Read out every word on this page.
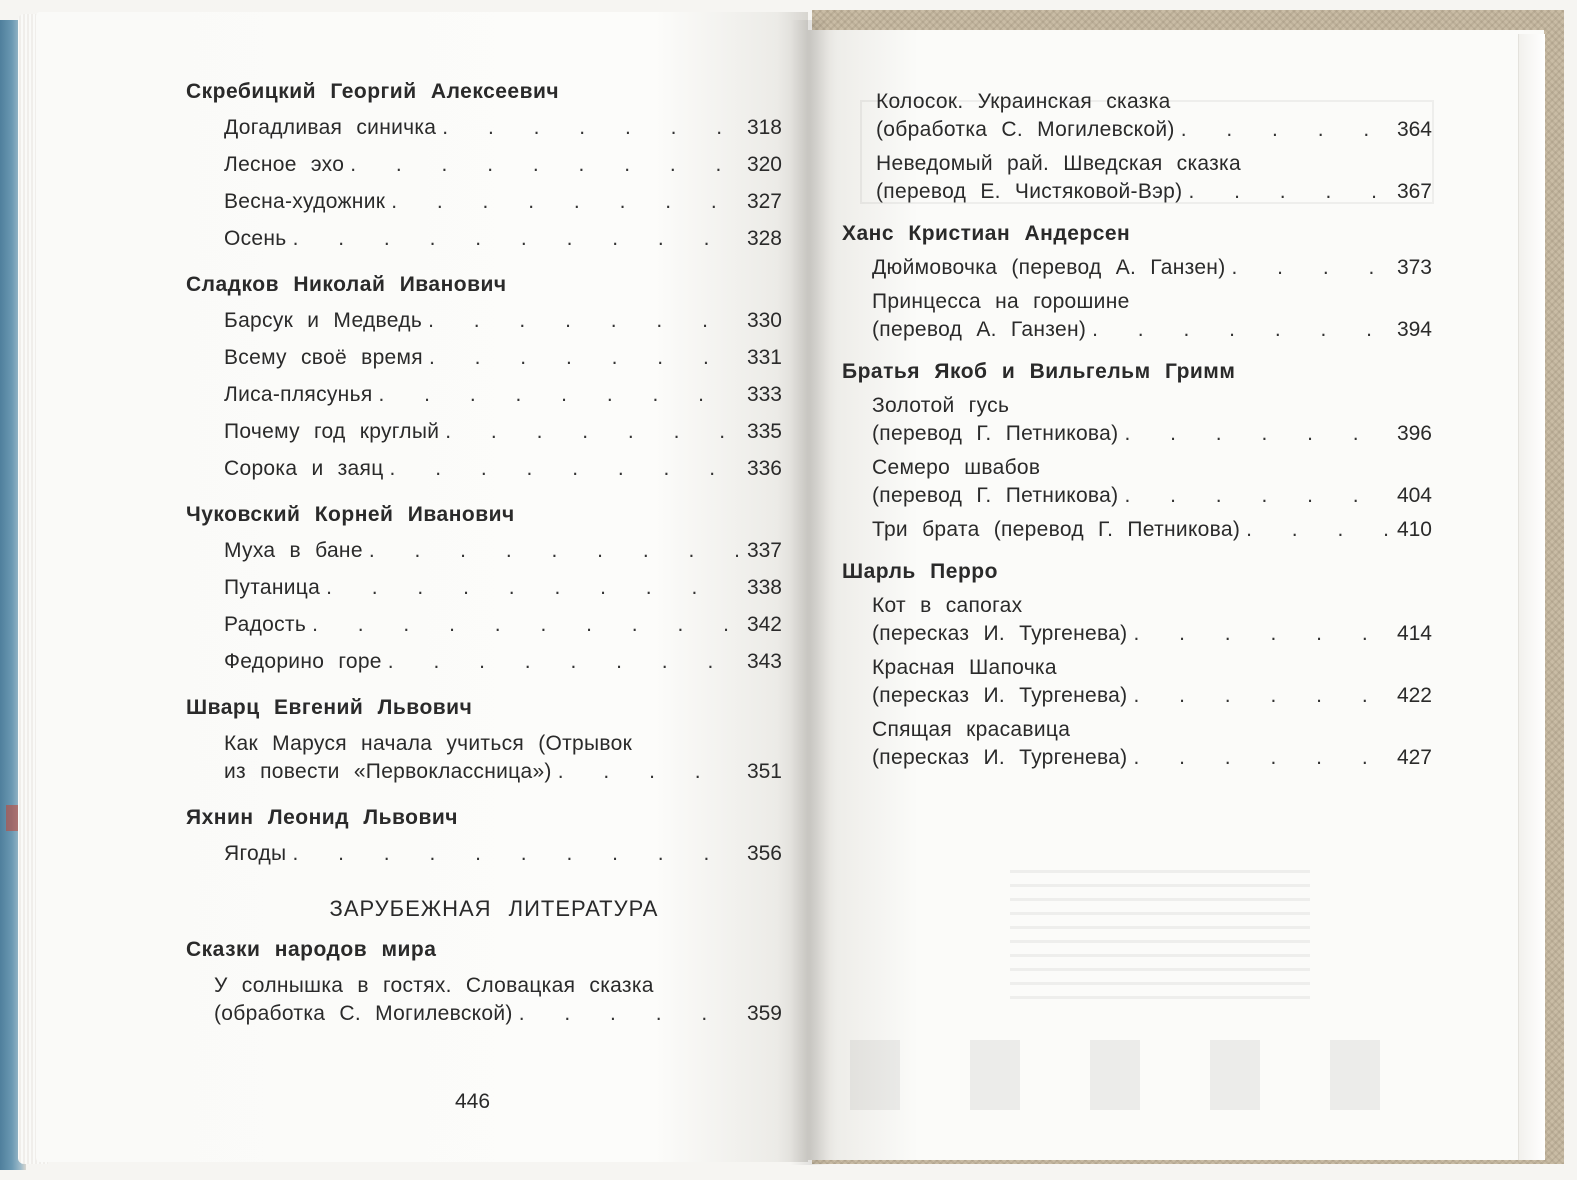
Скребицкий Георгий Алексеевич
Догадливая синичка . . .	318
Лесное эхо . . .	320
Весна-художник . . .	327
Осень . . .	328
Сладков Николай Иванович
Барсук и Медведь . . .	330
Всему своё время . . .	331
Лиса-плясунья . . .	333
Почему год круглый . . .	335
Сорока и заяц . . .	336
Чуковский Корней Иванович
Муха в бане . . .	337
Путаница . . .	338
Радость . . .	342
Федорино горе . . .	343
Шварц Евгений Львович
Как Маруся начала учиться (Отрывок
из повести «Первоклассница») . . .	351
Яхнин Леонид Львович
Ягоды . . .	356
ЗАРУБЕЖНАЯ ЛИТЕРАТУРА
Сказки народов мира
У солнышка в гостях. Словацкая сказка
(обработка С. Могилевской) . . .	359
Колосок. Украинская сказка
(обработка С. Могилевской) . . .	364
Неведомый рай. Шведская сказка
(перевод Е. Чистяковой-Вэр) . . .	367
Ханс Кристиан Андерсен
Дюймовочка (перевод А. Ганзен) . . .	373
Принцесса на горошине
(перевод А. Ганзен) . . .	394
Братья Якоб и Вильгельм Гримм
Золотой гусь
(перевод Г. Петникова) . . .	396
Семеро швабов
(перевод Г. Петникова) . . .	404
Три брата (перевод Г. Петникова) . . .	410
Шарль Перро
Кот в сапогах
(пересказ И. Тургенева) . . .	414
Красная Шапочка
(пересказ И. Тургенева) . . .	422
Спящая красавица
(пересказ И. Тургенева) . . .	427
446
